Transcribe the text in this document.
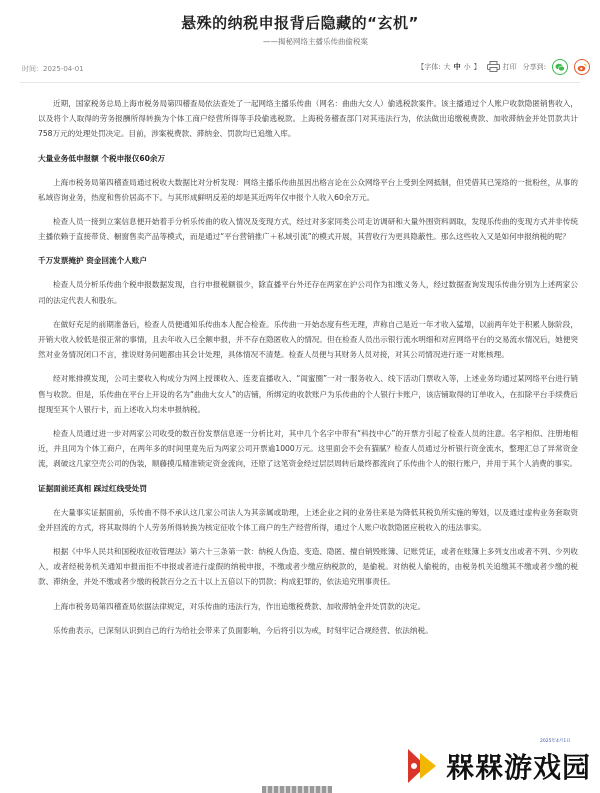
悬殊的纳税申报背后隐藏的“玄机”
——揭秘网络主播乐传曲偷税案
时间：2025-04-01	【字体: 大 中 小 】	打印 分享到:

近期，国家税务总局上海市税务局第四稽查局依法查处了一起网络主播乐传曲（网名：曲曲大女人）偷逃税款案件。该主播通过个人账户收款隐匿销售收入，以及将个人取得的劳务报酬所得转换为个体工商户经营所得等手段偷逃税款。上海税务稽查部门对其违法行为，依法做出追缴税费款、加收滞纳金并处罚款共计758万元的处理处罚决定。目前，涉案税费款、滞纳金、罚款均已追缴入库。

大量业务低申报额 个税申报仅60余万

上海市税务局第四稽查局通过税收大数据比对分析发现：网络主播乐传曲虽因出格言论在公众网络平台上受到全网抵制，但凭借其已笼络的一批粉丝，从事的私域咨询业务，热度和售价居高不下。与其形成鲜明反差的却是其近两年仅申报个人收入60余万元。

检查人员一接到立案信息便开始着手分析乐传曲的收入情况及变现方式，经过对多家同类公司走访调研和大量外围资料调取，发现乐传曲的变现方式并非传统主播依赖于直接带货、橱窗售卖产品等模式，而是通过“平台营销推广＋私域引流”的模式开展，其营收行为更具隐蔽性。那么这些收入又是如何申报纳税的呢？

千万发票掩护 资金回流个人账户

检查人员分析乐传曲个税申报数据发现，自行申报税额很少，除直播平台外还存在两家在沪公司作为扣缴义务人，经过数据查询发现乐传曲分别为上述两家公司的法定代表人和股东。

在做好充足的前期准备后，检查人员便通知乐传曲本人配合检查。乐传曲一开始态度有些无理，声称自己是近一年才收入猛增，以前两年处于积累人脉阶段，开销大收入较低是很正常的事情，且去年收入已全额申报，并不存在隐匿收入的情况。但在检查人员出示银行流水明细和对应网络平台的交易流水情况后，她便突然对业务情况闭口不言，推说财务问题都由其会计处理，具体情况不清楚。检查人员便与其财务人员对接，对其公司情况进行逐一对账核理。

经对账排摸发现，公司主要收入构成分为网上授课收入、连麦直播收入、“闺蜜圈”一对一服务收入、线下活动门票收入等，上述业务均通过某网络平台进行销售与收款。但是，乐传曲在平台上开设的名为“曲曲大女人”的店铺，所绑定的收款账户为乐传曲的个人银行卡账户，该店铺取得的订单收入，在扣除平台手续费后提现至其个人银行卡，而上述收入均未申报纳税。

检查人员通过进一步对两家公司收受的数百份发票信息逐一分析比对，其中几个名字中带有“科技中心”的开票方引起了检查人员的注意。名字相似、注册地相近，并且同为个体工商户，在两年多的时间里竟先后为两家公司开票逾1000万元。这里面会不会有猫腻？检查人员通过分析银行资金流水，整理汇总了异常资金流，剥破这几家空壳公司的伪装，顺藤摸瓜精准锁定资金流向，还原了这笔资金经过层层周转后最终都流向了乐传曲个人的银行账户，并用于其个人消费的事实。

证据面前还真相 踩过红线受处罚

在大量事实证据面前，乐传曲不得不承认这几家公司法人为其亲属或助理，上述企业之间的业务往来是为降低其税负所实施的筹划，以及通过虚构业务套取资金并回流的方式，将其取得的个人劳务所得转换为核定征收个体工商户的生产经营所得，通过个人账户收款隐匿应税收入的违法事实。

根据《中华人民共和国税收征收管理法》第六十三条第一款：纳税人伪造、变造、隐匿、擅自销毁账簿、记账凭证，或者在账簿上多列支出或者不列、少列收入，或者经税务机关通知申报而拒不申报或者进行虚假的纳税申报，不缴或者少缴应纳税款的，是偷税。对纳税人偷税的，由税务机关追缴其不缴或者少缴的税款、滞纳金，并处不缴或者少缴的税款百分之五十以上五倍以下的罚款；构成犯罪的，依法追究刑事责任。

上海市税务局第四稽查局依据法律规定，对乐传曲的违法行为，作出追缴税费款、加收滞纳金并处罚款的决定。

乐传曲表示，已深刻认识到自己的行为给社会带来了负面影响，今后将引以为戒，时刻牢记合规经营、依法纳税。

槑槑游戏园
